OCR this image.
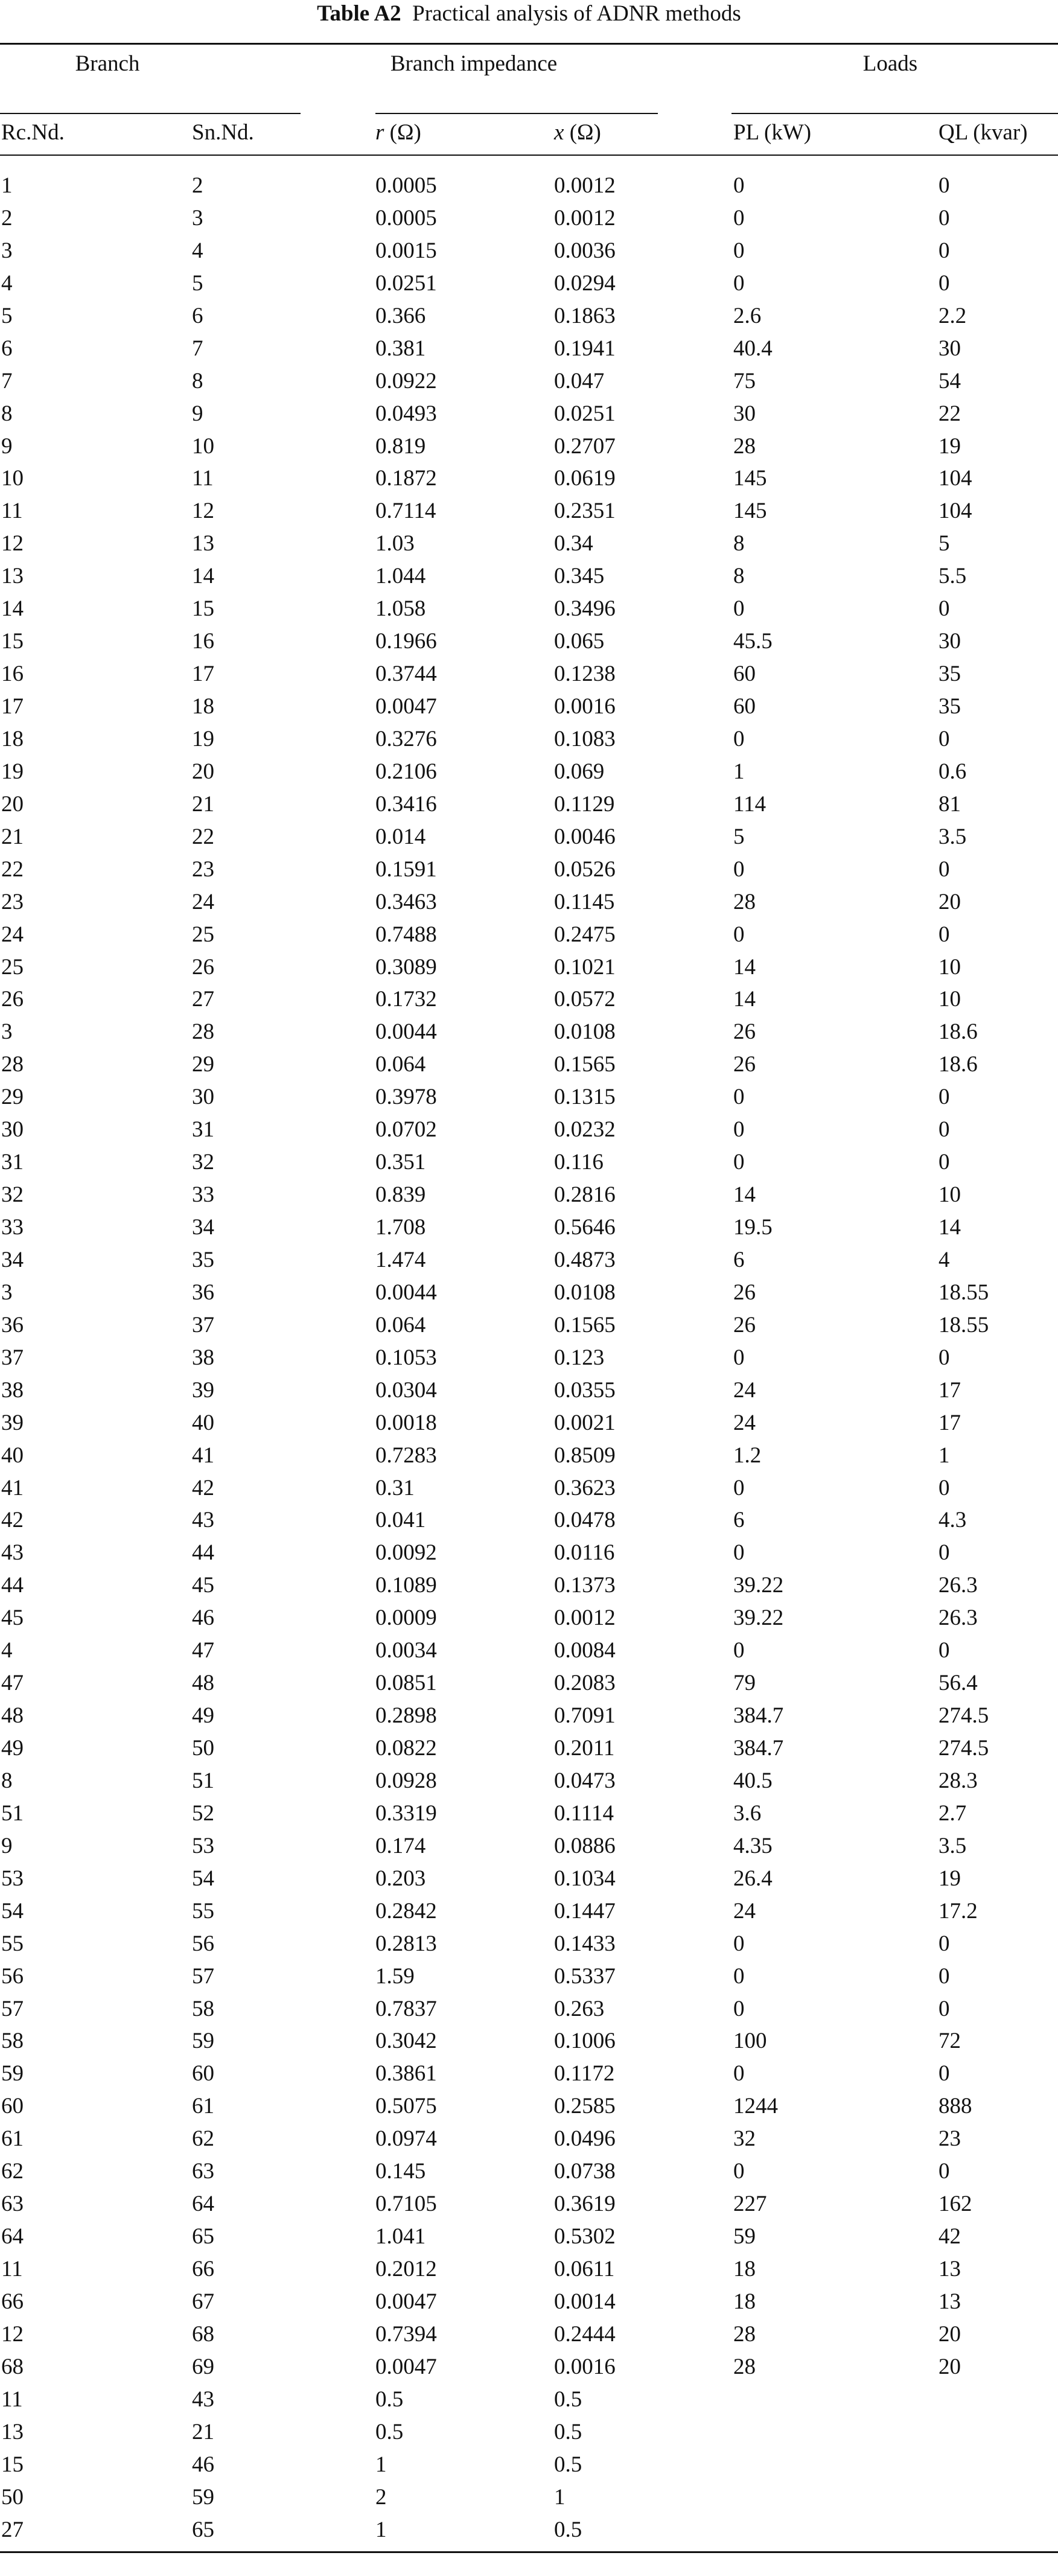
Table A2 Practical analysis of ADNR methods
Branch	Branch impedance	Loads
Rc.Nd.	Sn.Nd.	r (Ω)	x (Ω)	PL (kW)	QL (kvar)
1	2	0.0005	0.0012	0	0
2	3	0.0005	0.0012	0	0
3	4	0.0015	0.0036	0	0
4	5	0.0251	0.0294	0	0
5	6	0.366	0.1863	2.6	2.2
6	7	0.381	0.1941	40.4	30
7	8	0.0922	0.047	75	54
8	9	0.0493	0.0251	30	22
9	10	0.819	0.2707	28	19
10	11	0.1872	0.0619	145	104
11	12	0.7114	0.2351	145	104
12	13	1.03	0.34	8	5
13	14	1.044	0.345	8	5.5
14	15	1.058	0.3496	0	0
15	16	0.1966	0.065	45.5	30
16	17	0.3744	0.1238	60	35
17	18	0.0047	0.0016	60	35
18	19	0.3276	0.1083	0	0
19	20	0.2106	0.069	1	0.6
20	21	0.3416	0.1129	114	81
21	22	0.014	0.0046	5	3.5
22	23	0.1591	0.0526	0	0
23	24	0.3463	0.1145	28	20
24	25	0.7488	0.2475	0	0
25	26	0.3089	0.1021	14	10
26	27	0.1732	0.0572	14	10
3	28	0.0044	0.0108	26	18.6
28	29	0.064	0.1565	26	18.6
29	30	0.3978	0.1315	0	0
30	31	0.0702	0.0232	0	0
31	32	0.351	0.116	0	0
32	33	0.839	0.2816	14	10
33	34	1.708	0.5646	19.5	14
34	35	1.474	0.4873	6	4
3	36	0.0044	0.0108	26	18.55
36	37	0.064	0.1565	26	18.55
37	38	0.1053	0.123	0	0
38	39	0.0304	0.0355	24	17
39	40	0.0018	0.0021	24	17
40	41	0.7283	0.8509	1.2	1
41	42	0.31	0.3623	0	0
42	43	0.041	0.0478	6	4.3
43	44	0.0092	0.0116	0	0
44	45	0.1089	0.1373	39.22	26.3
45	46	0.0009	0.0012	39.22	26.3
4	47	0.0034	0.0084	0	0
47	48	0.0851	0.2083	79	56.4
48	49	0.2898	0.7091	384.7	274.5
49	50	0.0822	0.2011	384.7	274.5
8	51	0.0928	0.0473	40.5	28.3
51	52	0.3319	0.1114	3.6	2.7
9	53	0.174	0.0886	4.35	3.5
53	54	0.203	0.1034	26.4	19
54	55	0.2842	0.1447	24	17.2
55	56	0.2813	0.1433	0	0
56	57	1.59	0.5337	0	0
57	58	0.7837	0.263	0	0
58	59	0.3042	0.1006	100	72
59	60	0.3861	0.1172	0	0
60	61	0.5075	0.2585	1244	888
61	62	0.0974	0.0496	32	23
62	63	0.145	0.0738	0	0
63	64	0.7105	0.3619	227	162
64	65	1.041	0.5302	59	42
11	66	0.2012	0.0611	18	13
66	67	0.0047	0.0014	18	13
12	68	0.7394	0.2444	28	20
68	69	0.0047	0.0016	28	20
11	43	0.5	0.5
13	21	0.5	0.5
15	46	1	0.5
50	59	2	1
27	65	1	0.5
